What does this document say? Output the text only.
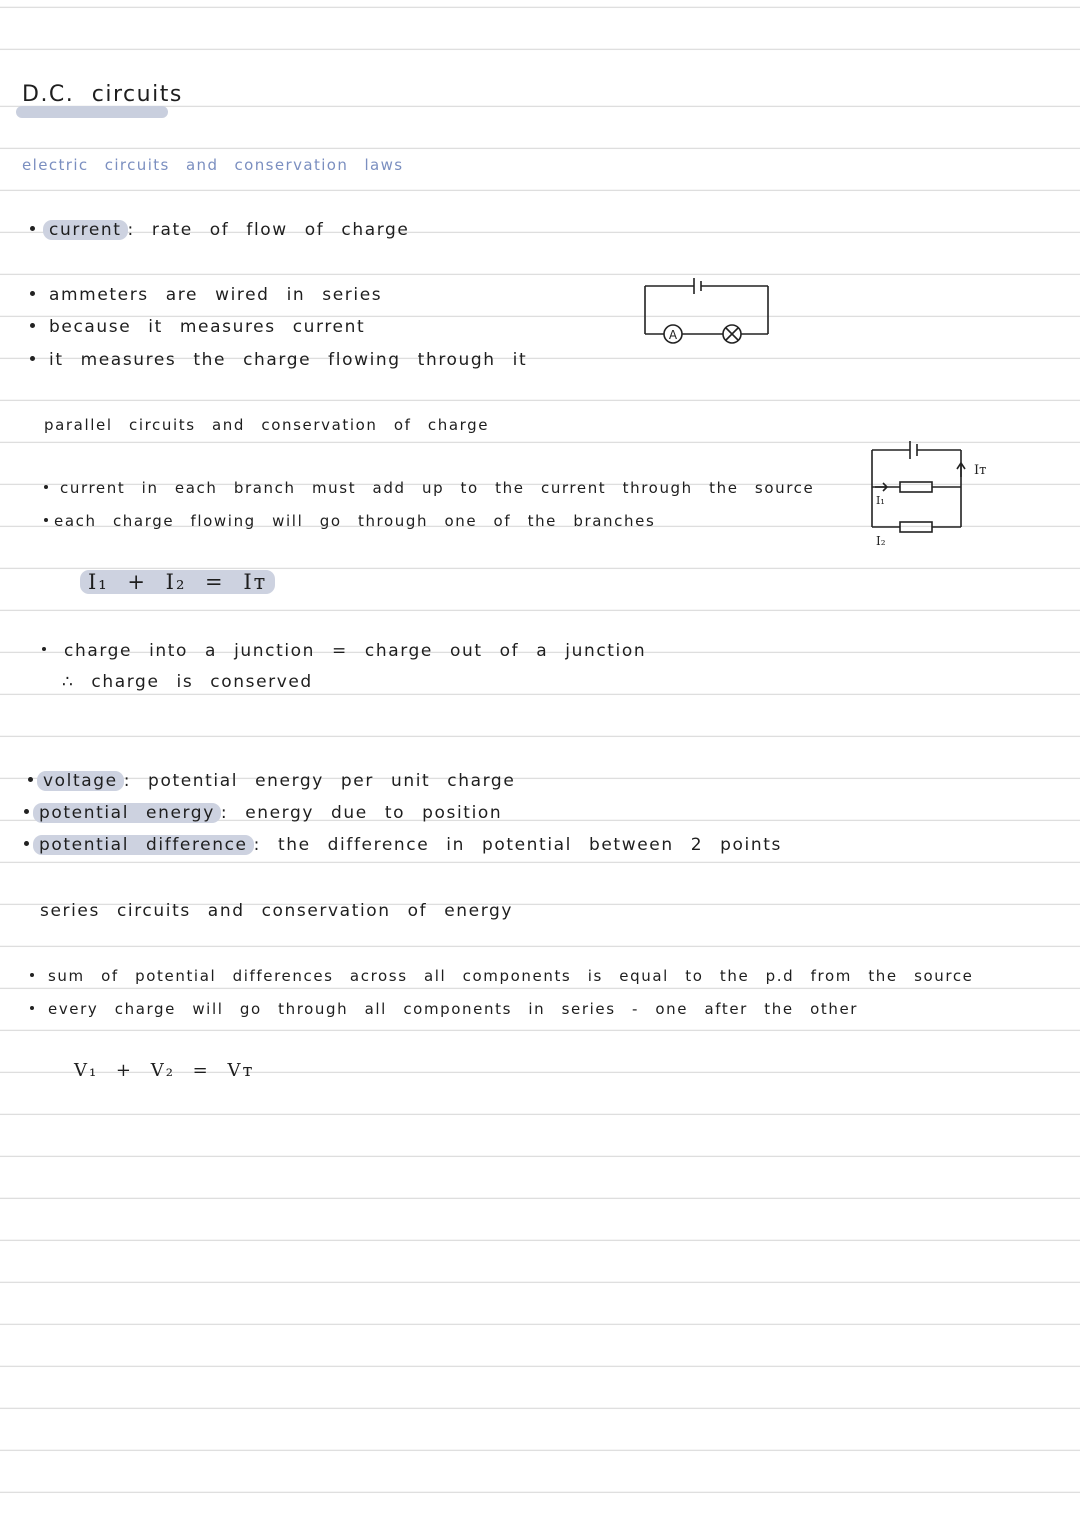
D.C. circuits
electric circuits and conservation laws
current : rate of flow of charge
ammeters are wired in series
because it measures current
it measures the charge flowing through it
A
parallel circuits and conservation of charge
current in each branch must add up to the current through the source
each charge flowing will go through one of the branches
Iᴛ
I₁
I₂
I₁ + I₂ = Iᴛ
charge into a junction = charge out of a junction
∴ charge is conserved
voltage : potential energy per unit charge
potential energy : energy due to position
potential difference : the difference in potential between 2 points
series circuits and conservation of energy
sum of potential differences across all components is equal to the p.d from the source
every charge will go through all components in series - one after the other
V₁ + V₂ = Vᴛ
